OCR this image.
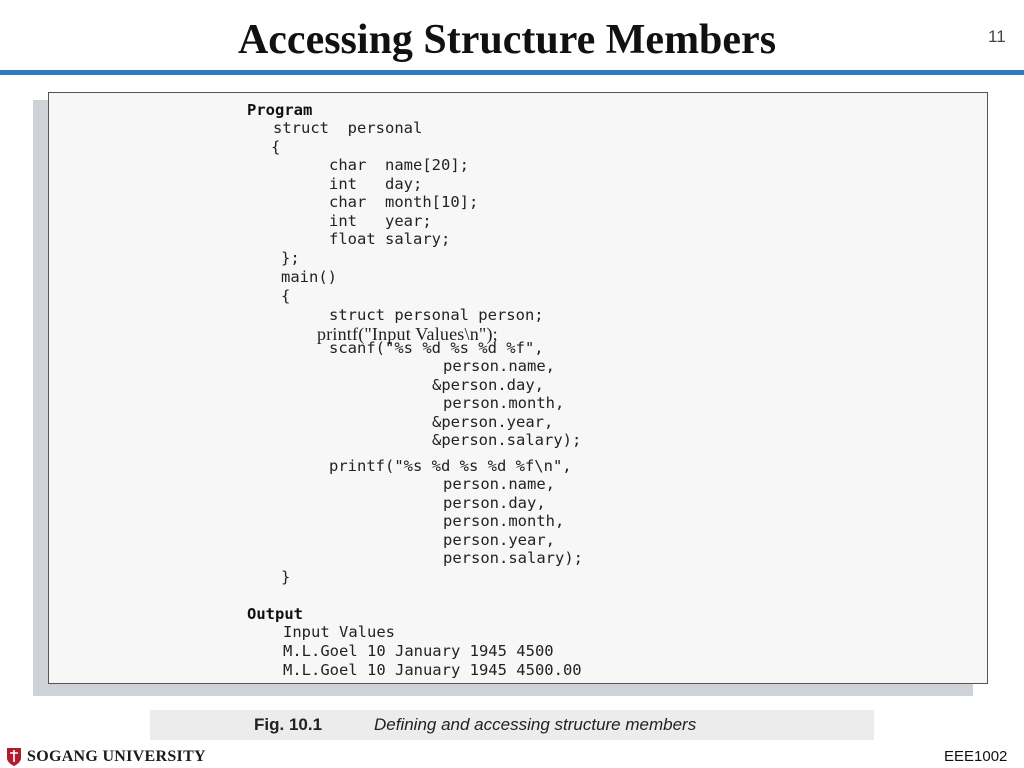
Accessing Structure Members	11
Program
struct  personal
{
char  name[20];
int   day;
char  month[10];
int   year;
float salary;
};
main()
{
struct personal person;
printf("Input Values\n");
scanf("%s %d %s %d %f",
person.name,
&person.day,
person.month,
&person.year,
&person.salary);
printf("%s %d %s %d %f\n",
person.name,
person.day,
person.month,
person.year,
person.salary);
}
Output
Input Values
M.L.Goel 10 January 1945 4500
M.L.Goel 10 January 1945 4500.00
Fig. 10.1	Defining and accessing structure members
SOGANG UNIVERSITY	EEE1002
